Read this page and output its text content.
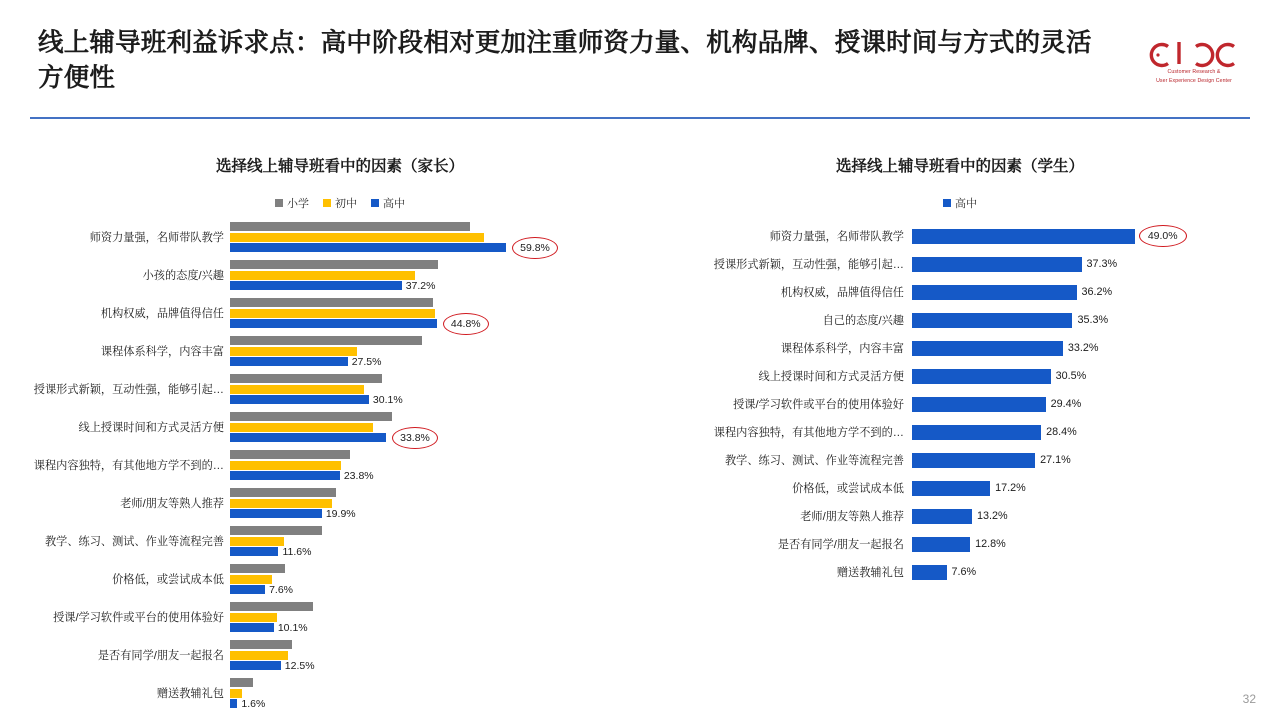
线上辅导班利益诉求点：高中阶段相对更加注重师资力量、机构品牌、授课时间与方式的灵活方便性	Customer Research &
User Experience Design Center
选择线上辅导班看中的因素（家长）
小学 初中 高中
师资力量强，名师带队教学
59.8%
小孩的态度/兴趣
37.2%
机构权威，品牌值得信任
44.8%
课程体系科学，内容丰富
27.5%
授课形式新颖，互动性强，能够引起…
30.1%
线上授课时间和方式灵活方便
33.8%
课程内容独特，有其他地方学不到的…
23.8%
老师/朋友等熟人推荐
19.9%
教学、练习、测试、作业等流程完善
11.6%
价格低，或尝试成本低
7.6%
授课/学习软件或平台的使用体验好
10.1%
是否有同学/朋友一起报名
12.5%
赠送教辅礼包
1.6%
选择线上辅导班看中的因素（学生）
高中
师资力量强，名师带队教学	49.0%
授课形式新颖，互动性强，能够引起…	37.3%
机构权威，品牌值得信任	36.2%
自己的态度/兴趣	35.3%
课程体系科学，内容丰富	33.2%
线上授课时间和方式灵活方便	30.5%
授课/学习软件或平台的使用体验好	29.4%
课程内容独特，有其他地方学不到的…	28.4%
教学、练习、测试、作业等流程完善	27.1%
价格低，或尝试成本低	17.2%
老师/朋友等熟人推荐	13.2%
是否有同学/朋友一起报名	12.8%
赠送教辅礼包	7.6%
32
